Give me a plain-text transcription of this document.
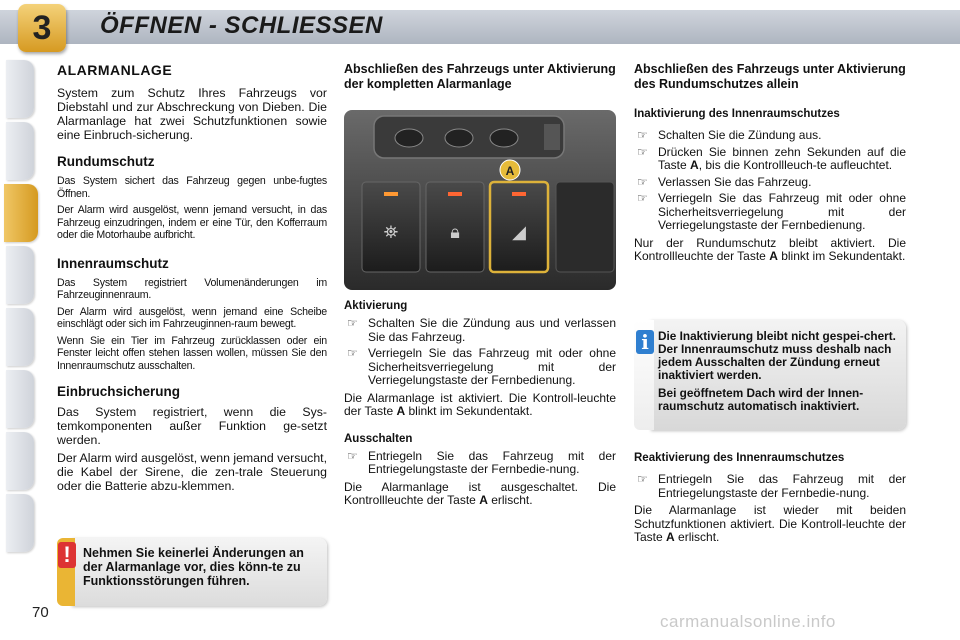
3	ÖFFNEN - SCHLIESSEN
ALARMANLAGE

System zum Schutz Ihres Fahrzeugs vor Diebstahl und zur Abschreckung von Dieben. Die Alarmanlage hat zwei Schutzfunktionen sowie eine Einbruch-sicherung.

Rundumschutz

Das System sichert das Fahrzeug gegen unbe-fugtes Öffnen.

Der Alarm wird ausgelöst, wenn jemand versucht, in das Fahrzeug einzudringen, indem er eine Tür, den Kofferraum oder die Motorhaube aufbricht.

Innenraumschutz

Das System registriert Volumenänderungen im Fahrzeuginnenraum.

Der Alarm wird ausgelöst, wenn jemand eine Scheibe einschlägt oder sich im Fahrzeuginnen-raum bewegt.

Wenn Sie ein Tier im Fahrzeug zurücklassen oder ein Fenster leicht offen stehen lassen wollen, müssen Sie den Innenraumschutz ausschalten.

Einbruchsicherung

Das System registriert, wenn die Sys-temkomponenten außer Funktion ge-setzt werden.

Der Alarm wird ausgelöst, wenn jemand versucht, die Kabel der Sirene, die zen-trale Steuerung oder die Batterie abzu-klemmen.

! Nehmen Sie keinerlei Änderungen an der Alarmanlage vor, dies könn-te zu Funktionsstörungen führen.
Abschließen des Fahrzeugs unter Aktivierung der kompletten Alarmanlage
⛯	🔒︎	◢
A

Aktivierung

☞ Schalten Sie die Zündung aus und verlassen Sie das Fahrzeug.
☞ Verriegeln Sie das Fahrzeug mit oder ohne Sicherheitsverriegelung mit der Verriegelungstaste der Fernbedienung.

Die Alarmanlage ist aktiviert. Die Kontroll-leuchte der Taste A blinkt im Sekundentakt.

Ausschalten

☞ Entriegeln Sie das Fahrzeug mit der Entriegelungstaste der Fernbedie-nung.

Die Alarmanlage ist ausgeschaltet. Die Kontrollleuchte der Taste A erlischt.

Abschließen des Fahrzeugs unter Aktivierung des Rundumschutzes allein

Inaktivierung des Innenraumschutzes

☞ Schalten Sie die Zündung aus.
☞ Drücken Sie binnen zehn Sekunden auf die Taste A, bis die Kontrollleuch-te aufleuchtet.
☞ Verlassen Sie das Fahrzeug.
☞ Verriegeln Sie das Fahrzeug mit oder ohne Sicherheitsverriegelung mit der Verriegelungstaste der Fernbedienung.

Nur der Rundumschutz bleibt aktiviert. Die Kontrollleuchte der Taste A blinkt im Sekundentakt.

i Die Inaktivierung bleibt nicht gespei-chert. Der Innenraumschutz muss deshalb nach jedem Ausschalten der Zündung erneut inaktiviert werden.

Bei geöffnetem Dach wird der Innen-raumschutz automatisch inaktiviert.

Reaktivierung des Innenraumschutzes

☞ Entriegeln Sie das Fahrzeug mit der Entriegelungstaste der Fernbedie-nung.

Die Alarmanlage ist wieder mit beiden Schutzfunktionen aktiviert. Die Kontroll-leuchte der Taste A erlischt.

70	carmanualsonline.info
